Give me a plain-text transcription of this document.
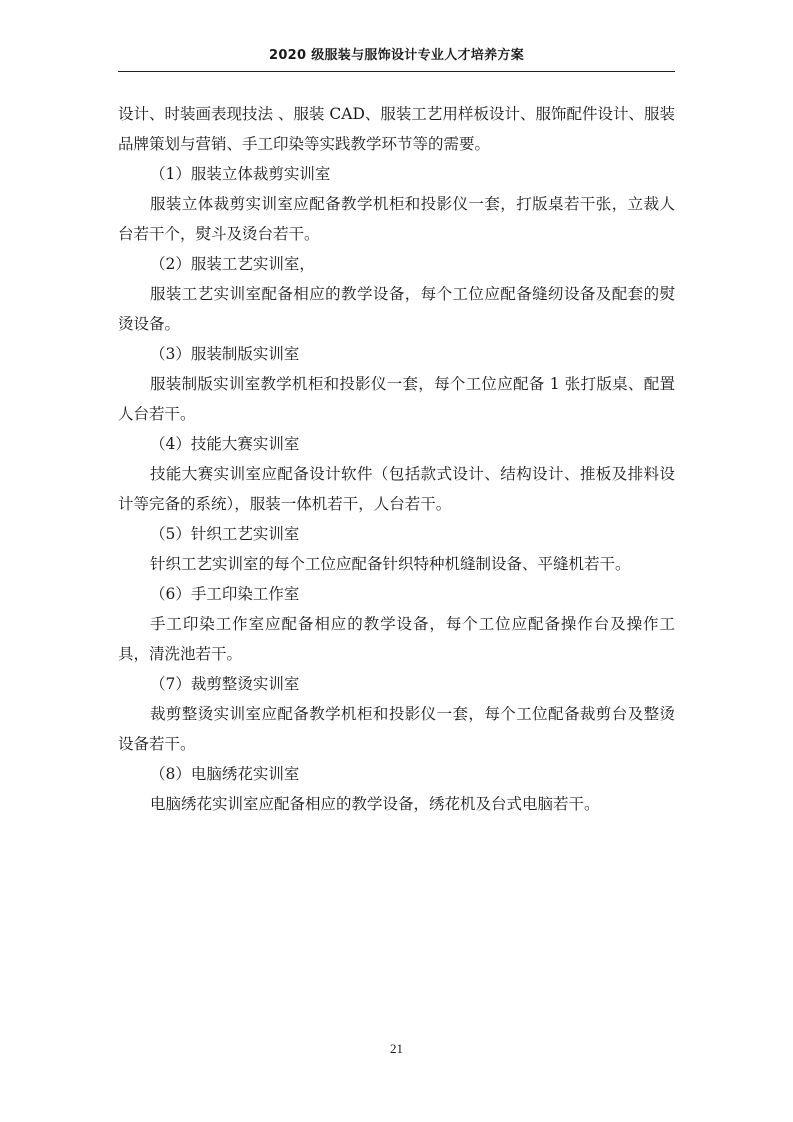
2020 级服装与服饰设计专业人才培养方案

设计、时装画表现技法 、服装 CAD、服装工艺用样板设计、服饰配件设计、服装品牌策划与营销、手工印染等实践教学环节等的需要。

（1）服装立体裁剪实训室

服装立体裁剪实训室应配备教学机柜和投影仪一套，打版桌若干张，立裁人台若干个，熨斗及烫台若干。

（2）服装工艺实训室，

服装工艺实训室配备相应的教学设备，每个工位应配备缝纫设备及配套的熨烫设备。

（3）服装制版实训室

服装制版实训室教学机柜和投影仪一套，每个工位应配备 1 张打版桌、配置人台若干。

（4）技能大赛实训室

技能大赛实训室应配备设计软件（包括款式设计、结构设计、推板及排料设计等完备的系统），服装一体机若干，人台若干。

（5）针织工艺实训室

针织工艺实训室的每个工位应配备针织特种机缝制设备、平缝机若干。

（6）手工印染工作室

手工印染工作室应配备相应的教学设备，每个工位应配备操作台及操作工具，清洗池若干。

（7）裁剪整烫实训室

裁剪整烫实训室应配备教学机柜和投影仪一套，每个工位配备裁剪台及整烫设备若干。

（8）电脑绣花实训室

电脑绣花实训室应配备相应的教学设备，绣花机及台式电脑若干。

21
